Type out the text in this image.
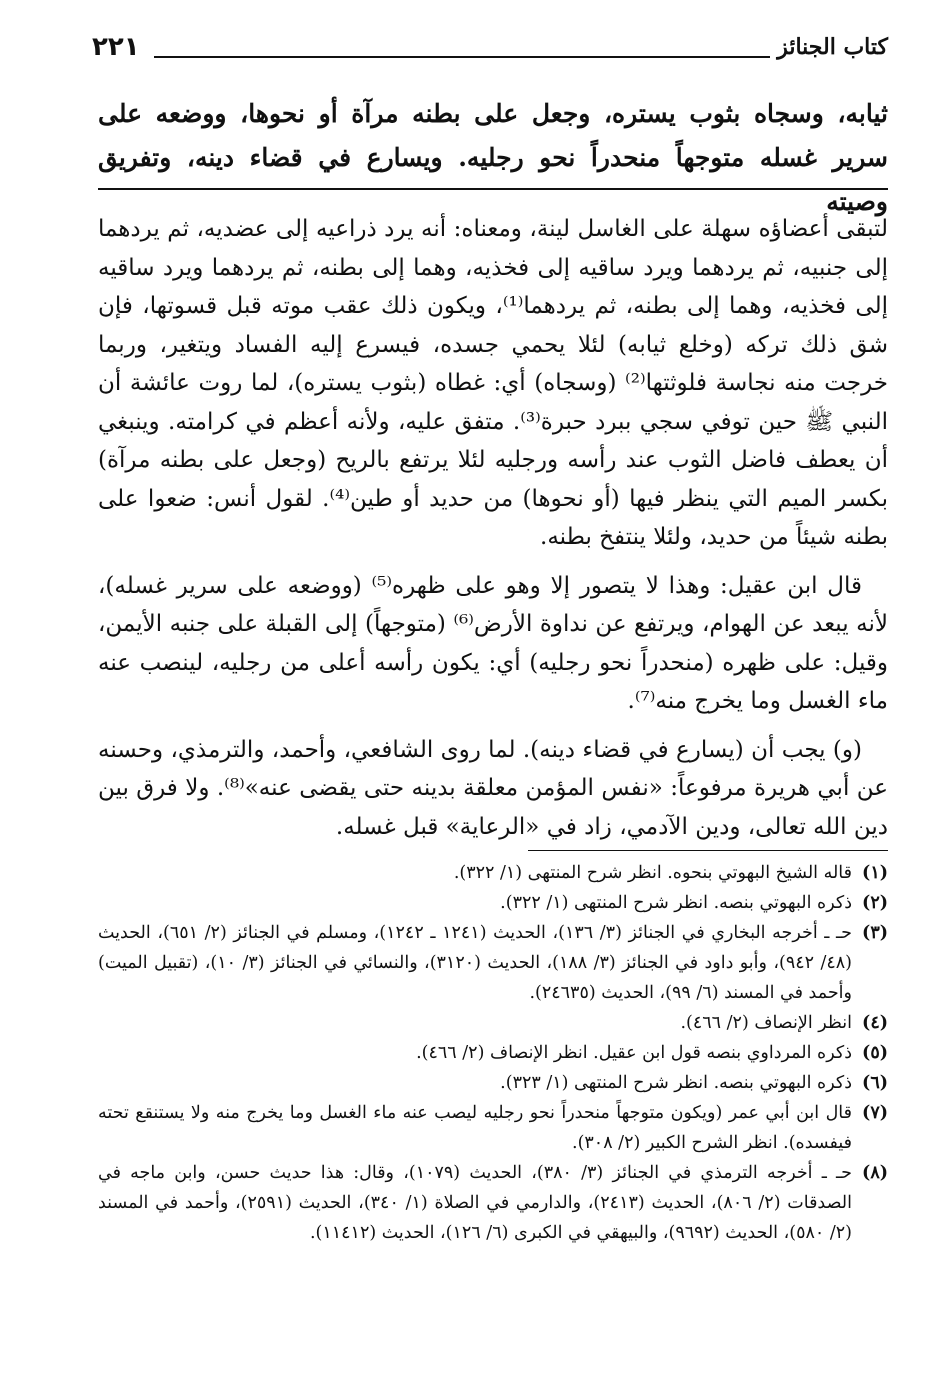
كتاب الجنائز
٢٢١
ثيابه، وسجاه بثوب يستره، وجعل على بطنه مرآة أو نحوها، ووضعه على سرير غسله متوجهاً منحدراً نحو رجليه. ويسارع في قضاء دينه، وتفريق وصيته

لتبقى أعضاؤه سهلة على الغاسل لينة، ومعناه: أنه يرد ذراعيه إلى عضديه، ثم يردهما إلى جنبيه، ثم يردهما ويرد ساقيه إلى فخذيه، وهما إلى بطنه، ثم يردهما ويرد ساقيه إلى فخذيه، وهما إلى بطنه، ثم يردهما⁽¹⁾، ويكون ذلك عقب موته قبل قسوتها، فإن شق ذلك تركه (وخلع ثيابه) لئلا يحمي جسده، فيسرع إليه الفساد ويتغير، وربما خرجت منه نجاسة فلوثتها⁽²⁾ (وسجاه) أي: غطاه (بثوب يستره)، لما روت عائشة أن النبي ﷺ حين توفي سجي ببرد حبرة⁽³⁾. متفق عليه، ولأنه أعظم في كرامته. وينبغي أن يعطف فاضل الثوب عند رأسه ورجليه لئلا يرتفع بالريح (وجعل على بطنه مرآة) بكسر الميم التي ينظر فيها (أو نحوها) من حديد أو طين⁽⁴⁾. لقول أنس: ضعوا على بطنه شيئاً من حديد، ولئلا ينتفخ بطنه.

قال ابن عقيل: وهذا لا يتصور إلا وهو على ظهره⁽⁵⁾ (ووضعه على سرير غسله)، لأنه يبعد عن الهوام، ويرتفع عن نداوة الأرض⁽⁶⁾ (متوجهاً) إلى القبلة على جنبه الأيمن، وقيل: على ظهره (منحدراً نحو رجليه) أي: يكون رأسه أعلى من رجليه، لينصب عنه ماء الغسل وما يخرج منه⁽⁷⁾.

(و) يجب أن (يسارع في قضاء دينه). لما روى الشافعي، وأحمد، والترمذي، وحسنه عن أبي هريرة مرفوعاً: «نفس المؤمن معلقة بدينه حتى يقضى عنه»⁽⁸⁾. ولا فرق بين دين الله تعالى، ودين الآدمي، زاد في «الرعاية» قبل غسله.

(١)
قاله الشيخ البهوتي بنحوه. انظر شرح المنتهى (١/ ٣٢٢).
(٢)
ذكره البهوتي بنصه. انظر شرح المنتهى (١/ ٣٢٢).
(٣)
حـ ـ أخرجه البخاري في الجنائز (٣/ ١٣٦)، الحديث (١٢٤١ ـ ١٢٤٢)، ومسلم في الجنائز (٢/ ٦٥١)، الحديث (٤٨/ ٩٤٢)، وأبو داود في الجنائز (٣/ ١٨٨)، الحديث (٣١٢٠)، والنسائي في الجنائز (٣/ ١٠)، (تقبيل الميت) وأحمد في المسند (٦/ ٩٩)، الحديث (٢٤٦٣٥).
(٤)
انظر الإنصاف (٢/ ٤٦٦).
(٥)
ذكره المرداوي بنصه قول ابن عقيل. انظر الإنصاف (٢/ ٤٦٦).
(٦)
ذكره البهوتي بنصه. انظر شرح المنتهى (١/ ٣٢٣).
(٧)
قال ابن أبي عمر (ويكون متوجهاً منحدراً نحو رجليه ليصب عنه ماء الغسل وما يخرج منه ولا يستنقع تحته فيفسده). انظر الشرح الكبير (٢/ ٣٠٨).
(٨)
حـ ـ أخرجه الترمذي في الجنائز (٣/ ٣٨٠)، الحديث (١٠٧٩)، وقال: هذا حديث حسن، وابن ماجه في الصدقات (٢/ ٨٠٦)، الحديث (٢٤١٣)، والدارمي في الصلاة (١/ ٣٤٠)، الحديث (٢٥٩١)، وأحمد في المسند (٢/ ٥٨٠)، الحديث (٩٦٩٢)، والبيهقي في الكبرى (٦/ ١٢٦)، الحديث (١١٤١٢).
